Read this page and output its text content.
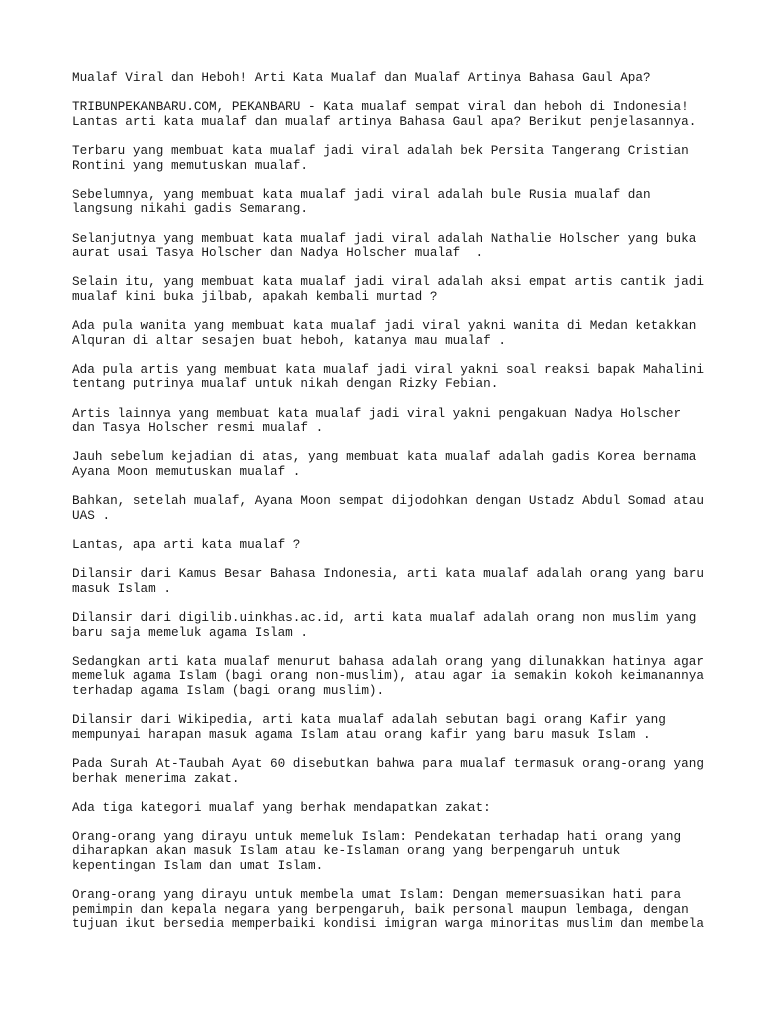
Mualaf Viral dan Heboh! Arti Kata Mualaf dan Mualaf Artinya Bahasa Gaul Apa?

TRIBUNPEKANBARU.COM, PEKANBARU - Kata mualaf sempat viral dan heboh di Indonesia!
Lantas arti kata mualaf dan mualaf artinya Bahasa Gaul apa? Berikut penjelasannya.

Terbaru yang membuat kata mualaf jadi viral adalah bek Persita Tangerang Cristian
Rontini yang memutuskan mualaf.

Sebelumnya, yang membuat kata mualaf jadi viral adalah bule Rusia mualaf dan
langsung nikahi gadis Semarang.

Selanjutnya yang membuat kata mualaf jadi viral adalah Nathalie Holscher yang buka
aurat usai Tasya Holscher dan Nadya Holscher mualaf  .

Selain itu, yang membuat kata mualaf jadi viral adalah aksi empat artis cantik jadi
mualaf kini buka jilbab, apakah kembali murtad ?

Ada pula wanita yang membuat kata mualaf jadi viral yakni wanita di Medan ketakkan
Alquran di altar sesajen buat heboh, katanya mau mualaf .

Ada pula artis yang membuat kata mualaf jadi viral yakni soal reaksi bapak Mahalini
tentang putrinya mualaf untuk nikah dengan Rizky Febian.

Artis lainnya yang membuat kata mualaf jadi viral yakni pengakuan Nadya Holscher
dan Tasya Holscher resmi mualaf .

Jauh sebelum kejadian di atas, yang membuat kata mualaf adalah gadis Korea bernama
Ayana Moon memutuskan mualaf .

Bahkan, setelah mualaf, Ayana Moon sempat dijodohkan dengan Ustadz Abdul Somad atau
UAS .

Lantas, apa arti kata mualaf ?

Dilansir dari Kamus Besar Bahasa Indonesia, arti kata mualaf adalah orang yang baru
masuk Islam .

Dilansir dari digilib.uinkhas.ac.id, arti kata mualaf adalah orang non muslim yang
baru saja memeluk agama Islam .

Sedangkan arti kata mualaf menurut bahasa adalah orang yang dilunakkan hatinya agar
memeluk agama Islam (bagi orang non-muslim), atau agar ia semakin kokoh keimanannya
terhadap agama Islam (bagi orang muslim).

Dilansir dari Wikipedia, arti kata mualaf adalah sebutan bagi orang Kafir yang
mempunyai harapan masuk agama Islam atau orang kafir yang baru masuk Islam .

Pada Surah At-Taubah Ayat 60 disebutkan bahwa para mualaf termasuk orang-orang yang
berhak menerima zakat.

Ada tiga kategori mualaf yang berhak mendapatkan zakat:

Orang-orang yang dirayu untuk memeluk Islam: Pendekatan terhadap hati orang yang
diharapkan akan masuk Islam atau ke-Islaman orang yang berpengaruh untuk
kepentingan Islam dan umat Islam.

Orang-orang yang dirayu untuk membela umat Islam: Dengan memersuasikan hati para
pemimpin dan kepala negara yang berpengaruh, baik personal maupun lembaga, dengan
tujuan ikut bersedia memperbaiki kondisi imigran warga minoritas muslim dan membela
